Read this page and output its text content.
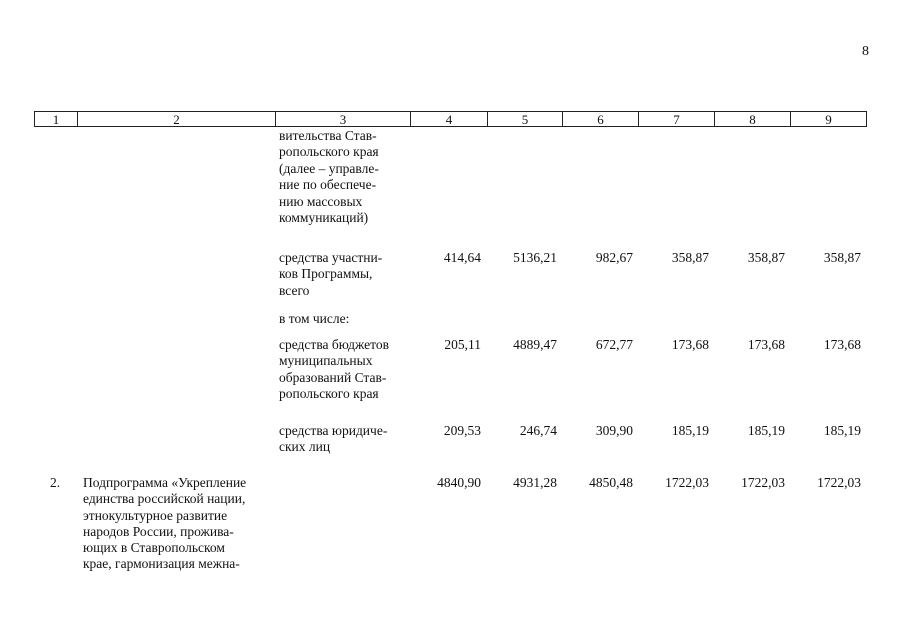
8
1	2	3	4	5	6	7	8	9
вительства Став-
ропольского края
(далее – управле-
ние по обеспече-
нию массовых
коммуникаций)
средства участни-
ков Программы,
всего
414,64	5136,21	982,67	358,87	358,87	358,87
в том числе:
средства бюджетов
муниципальных
образований Став-
ропольского края
205,11	4889,47	672,77	173,68	173,68	173,68
средства юридиче-
ских лиц
209,53	246,74	309,90	185,19	185,19	185,19
2. Подпрограмма «Укрепление
единства российской нации,
этнокультурное развитие
народов России, прожива-
ющих в Ставропольском
крае, гармонизация межна-
4840,90	4931,28	4850,48	1722,03	1722,03	1722,03
